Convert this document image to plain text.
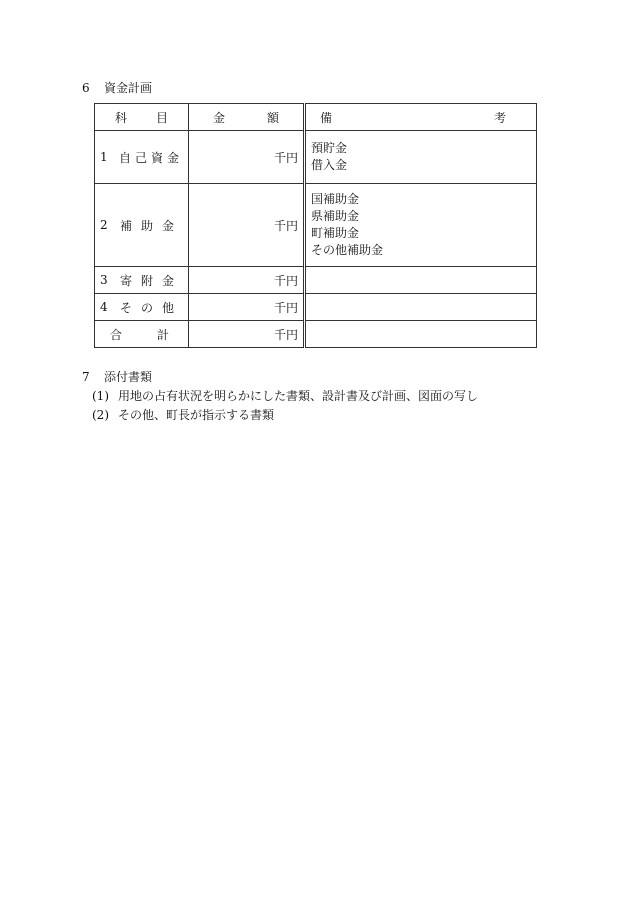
6 資金計画
科 目	金 額	備 考

1 自己資金	千円	預貯金
借入金

2 補助金	千円	国補助金
県補助金
町補助金
その他補助金

3 寄附金	千円	

4 その他	千円	

合 計	千円	
7 添付書類
(1) 用地の占有状況を明らかにした書類、設計書及び計画、図面の写し
(2) その他、町長が指示する書類
